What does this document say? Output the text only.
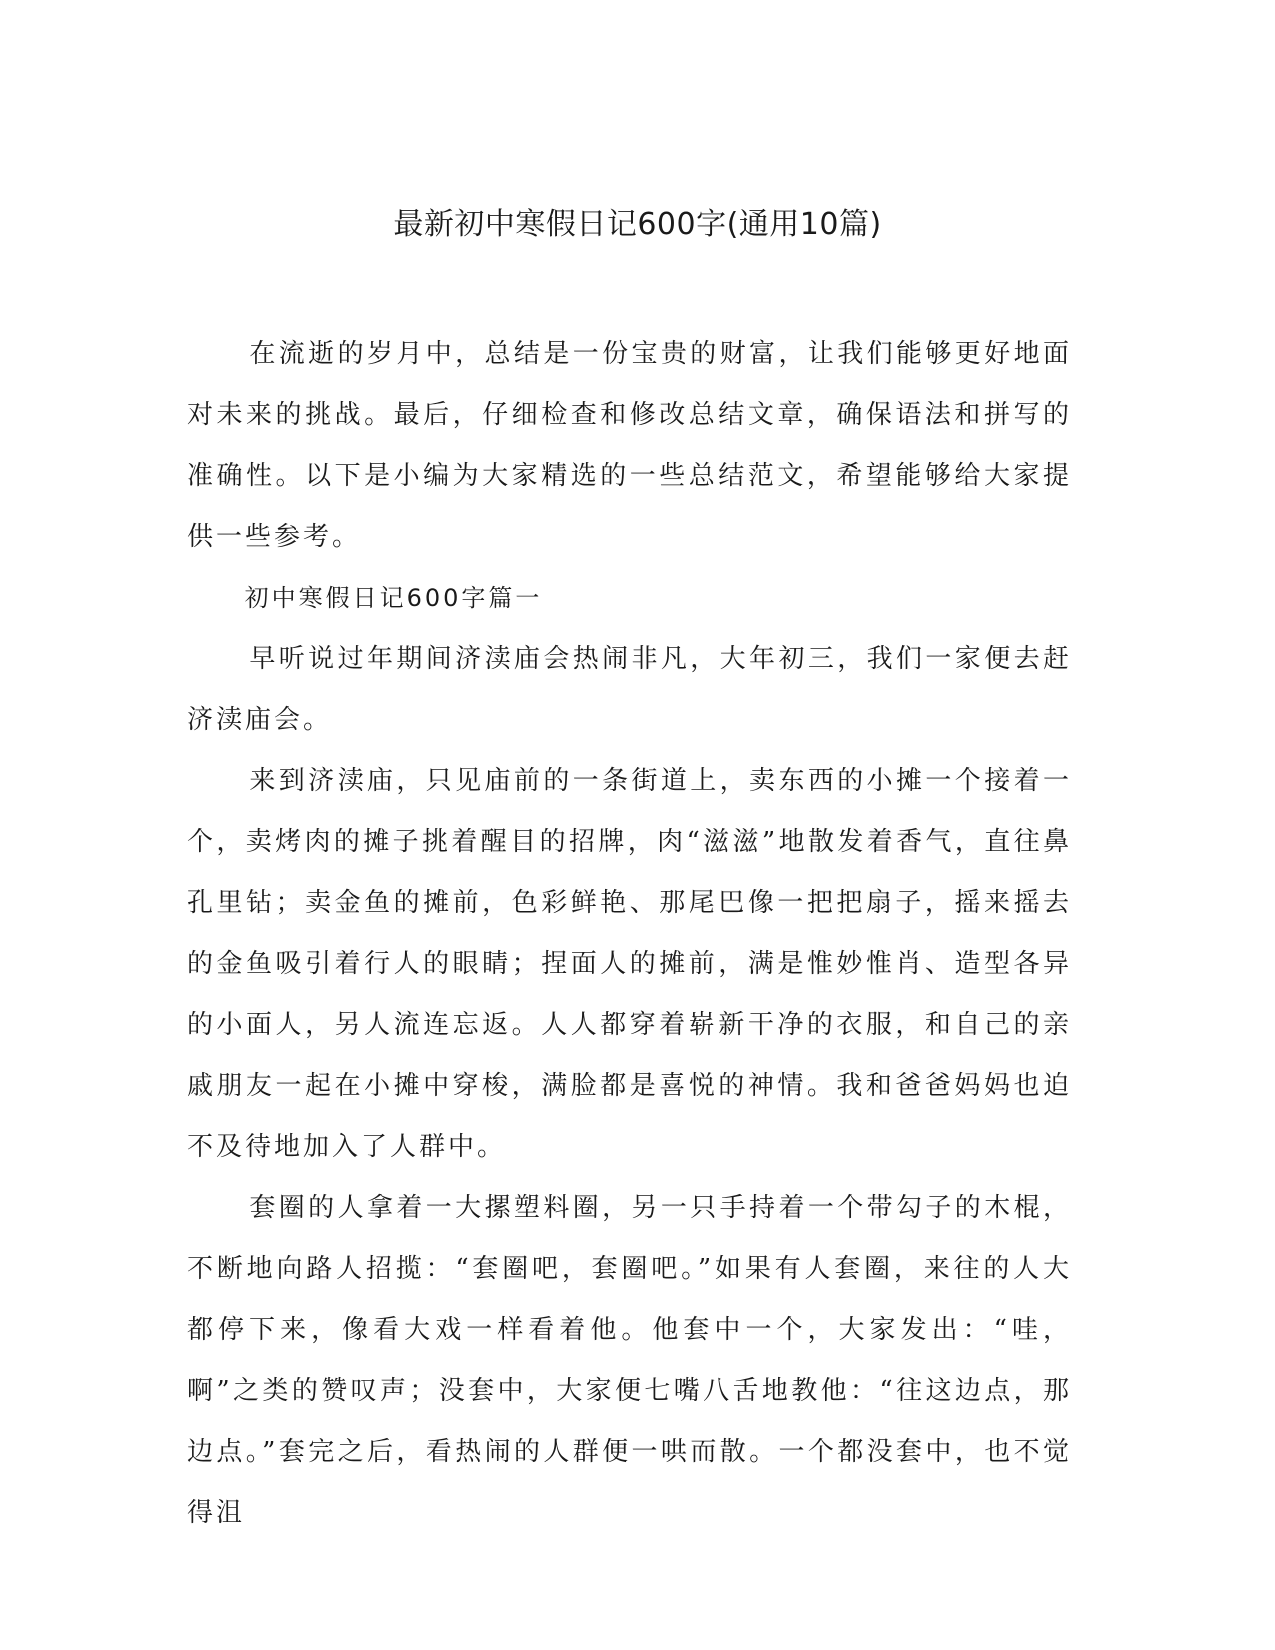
最新初中寒假日记600字(通用10篇)

在流逝的岁月中，总结是一份宝贵的财富，让我们能够更好地面对未来的挑战。最后，仔细检查和修改总结文章，确保语法和拼写的准确性。以下是小编为大家精选的一些总结范文，希望能够给大家提供一些参考。

初中寒假日记600字篇一

早听说过年期间济渎庙会热闹非凡，大年初三，我们一家便去赶济渎庙会。

来到济渎庙，只见庙前的一条街道上，卖东西的小摊一个接着一个，卖烤肉的摊子挑着醒目的招牌，肉“滋滋”地散发着香气，直往鼻孔里钻；卖金鱼的摊前，色彩鲜艳、那尾巴像一把把扇子，摇来摇去的金鱼吸引着行人的眼睛；捏面人的摊前，满是惟妙惟肖、造型各异的小面人，另人流连忘返。人人都穿着崭新干净的衣服，和自己的亲戚朋友一起在小摊中穿梭，满脸都是喜悦的神情。我和爸爸妈妈也迫不及待地加入了人群中。

套圈的人拿着一大摞塑料圈，另一只手持着一个带勾子的木棍，不断地向路人招揽：“套圈吧，套圈吧。”如果有人套圈，来往的人大都停下来，像看大戏一样看着他。他套中一个，大家发出：“哇，啊”之类的赞叹声；没套中，大家便七嘴八舌地教他：“往这边点，那边点。”套完之后，看热闹的人群便一哄而散。一个都没套中，也不觉得沮
